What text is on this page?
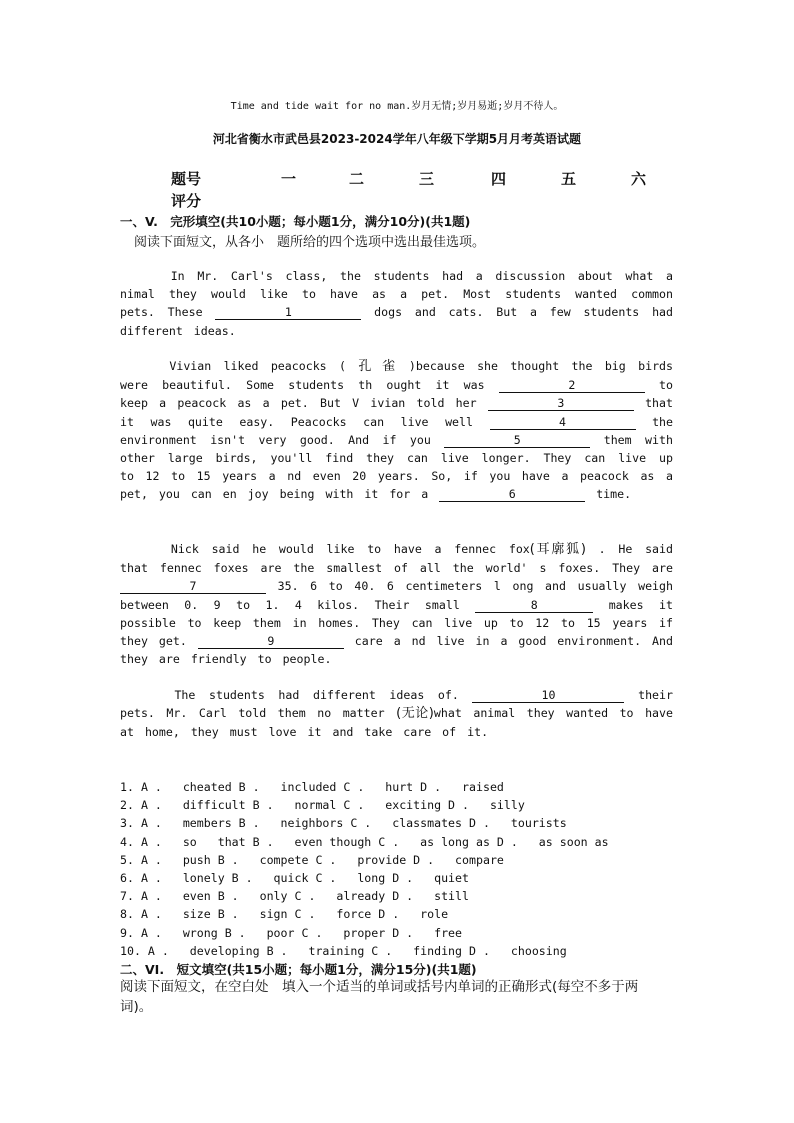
Time and tide wait for no man.岁月无情;岁月易逝;岁月不待人。
河北省衡水市武邑县2023-2024学年八年级下学期5月月考英语试题
题号	一	二	三	四	五	六
评分
一、V.　完形填空(共10小题；每小题1分，满分10分)(共1题)
阅读下面短文，从各小　题所给的四个选项中选出最佳选项。

In Mr. Carl's class, the students had a discussion about what a nimal they would like to have as a pet. Most students wanted common pets. These	1	dogs and cats. But a few students had different ideas.

Vivian liked peacocks ( 孔 雀 )because she thought the big birds were beautiful. Some students th ought it was	2	to keep a peacock as a pet. But V ivian told her	3	that it was quite easy. Peacocks can live well	4	the environment isn't very good. And if you	5	them with other large birds, you'll find they can live longer. They can live up to 12 to 15 years a nd even 20 years. So, if you have a peacock as a pet, you can en joy being with it for a	6	time.

Nick said he would like to have a fennec fox(耳廓狐) . He said that fennec foxes are the smallest of all the world' s foxes. They are 7	35. 6 to 40. 6 centimeters l ong and usually weigh between 0. 9 to 1. 4 kilos. Their small	8	makes it possible to keep them in homes. They can live up to 12 to 15 years if they get.	9	care a nd live in a good environment. And they are friendly to people.

The students had different ideas of.	10	their pets. Mr. Carl told them no matter (无论)what animal they wanted to have at home, they must love it and take care of it.

1. A .   cheated B .   included C .   hurt D .   raised
2. A .   difficult B .   normal C .   exciting D .   silly
3. A .   members B .   neighbors C .   classmates D .   tourists
4. A .   so   that B .   even though C .   as long as D .   as soon as
5. A .   push B .   compete C .   provide D .   compare
6. A .   lonely B .   quick C .   long D .   quiet
7. A .   even B .   only C .   already D .   still
8. A .   size B .   sign C .   force D .   role
9. A .   wrong B .   poor C .   proper D .   free
10. A .   developing B .   training C .   finding D .   choosing
二、VI.　短文填空(共15小题；每小题1分，满分15分)(共1题)
阅读下面短文，在空白处　填入一个适当的单词或括号内单词的正确形式(每空不多于两词)。
